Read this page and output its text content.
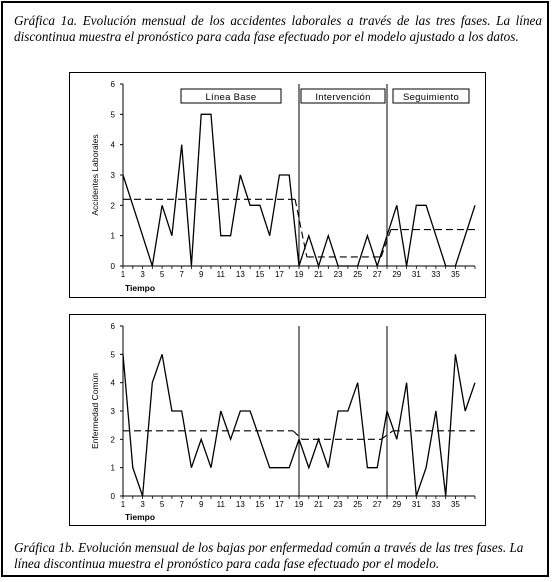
Gráfica 1a. Evolución mensual de los accidentes laborales a través de las tres fases. La línea discontinua muestra el pronóstico para cada fase efectuado por el modelo ajustado a los datos.
0
1
2
3
4
5
6
1 3 5 7 9 11 13 15 17 19 21 23 25 27 29 31 33 35
Tiempo
Accidentes Laborales
Línea Base	Intervención	Seguimiento
0
1
2
3
4
5
6
1 3 5 7 9 11 13 15 17 19 21 23 25 27 29 31 33 35
Tiempo
Enfermedad Común
Gráfica 1b. Evolución mensual de los bajas por enfermedad común a través de las tres fases. La línea discontinua muestra el pronóstico para cada fase efectuado por el modelo.
